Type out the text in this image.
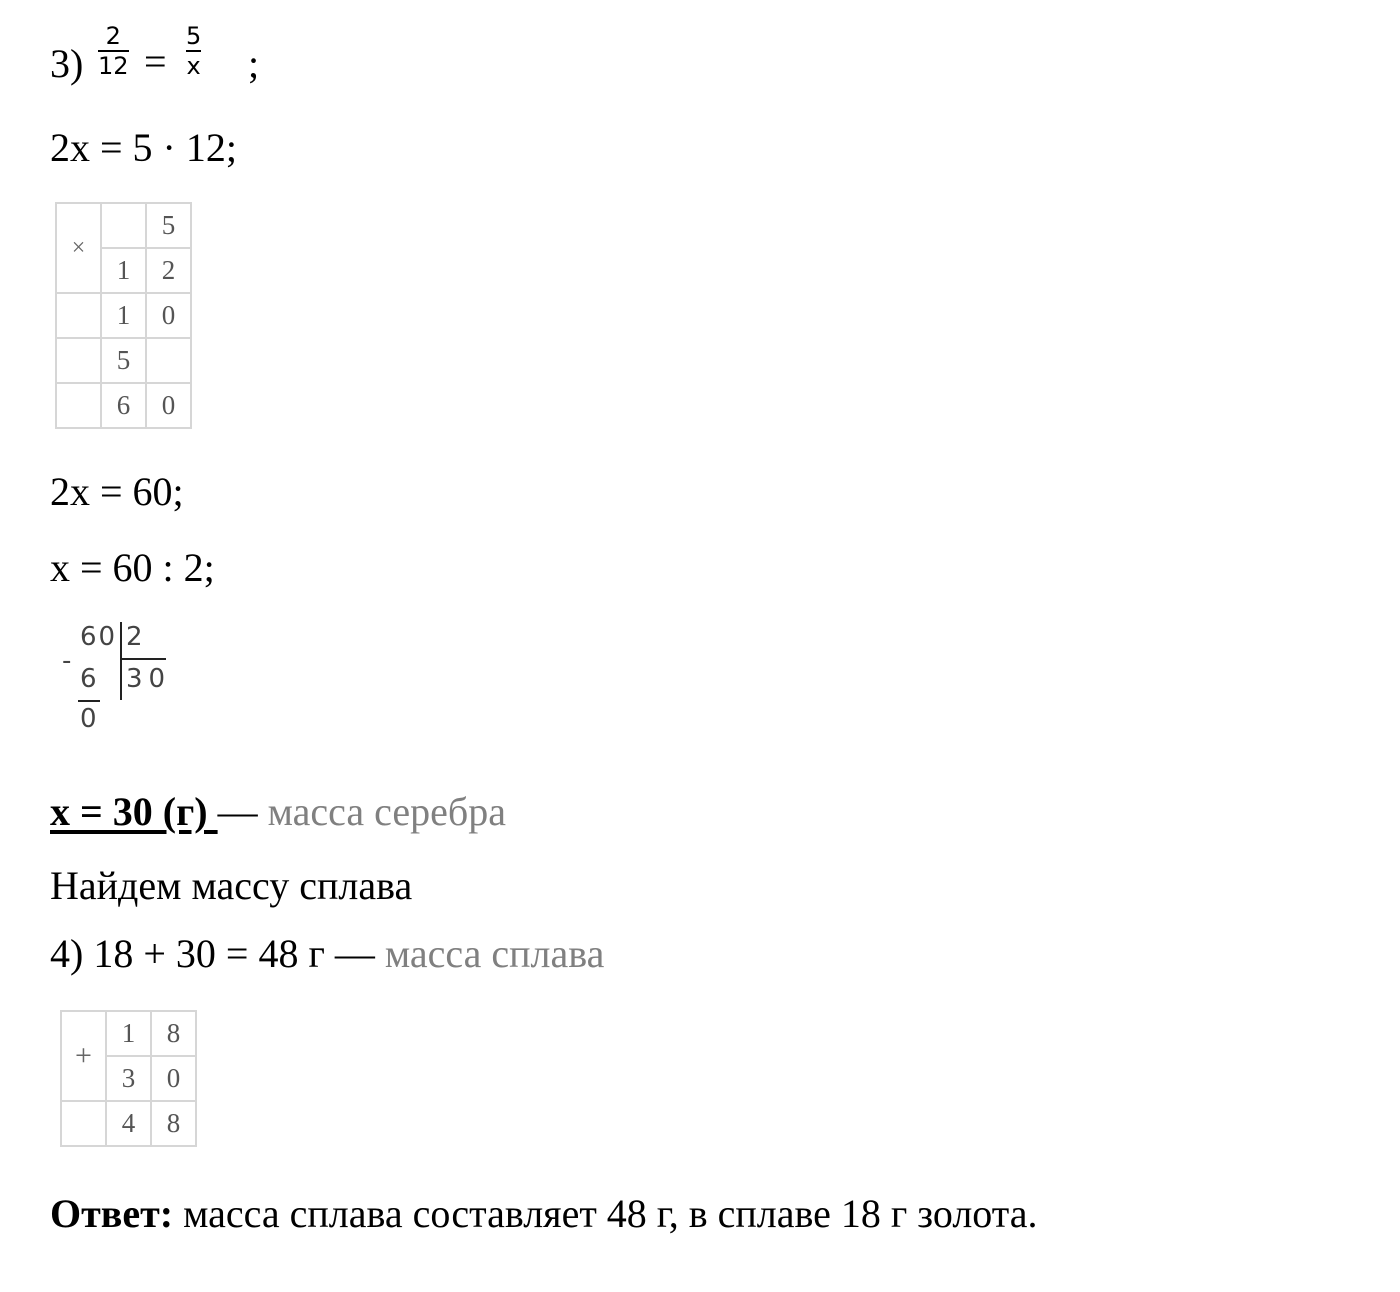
3)
2
12 =
5
x ;
2x = 5 · 12;
×		5
	1	2
	1	0
	5	
	6	0
2x = 60;
x = 60 : 2;
-
60 2
6 30
0
x = 30 (г) — масса серебра
Найдем массу сплава
4) 18 + 30 = 48 г — масса сплава
+	1	8
	3	0
	4	8
Ответ: масса сплава составляет 48 г, в сплаве 18 г золота.
